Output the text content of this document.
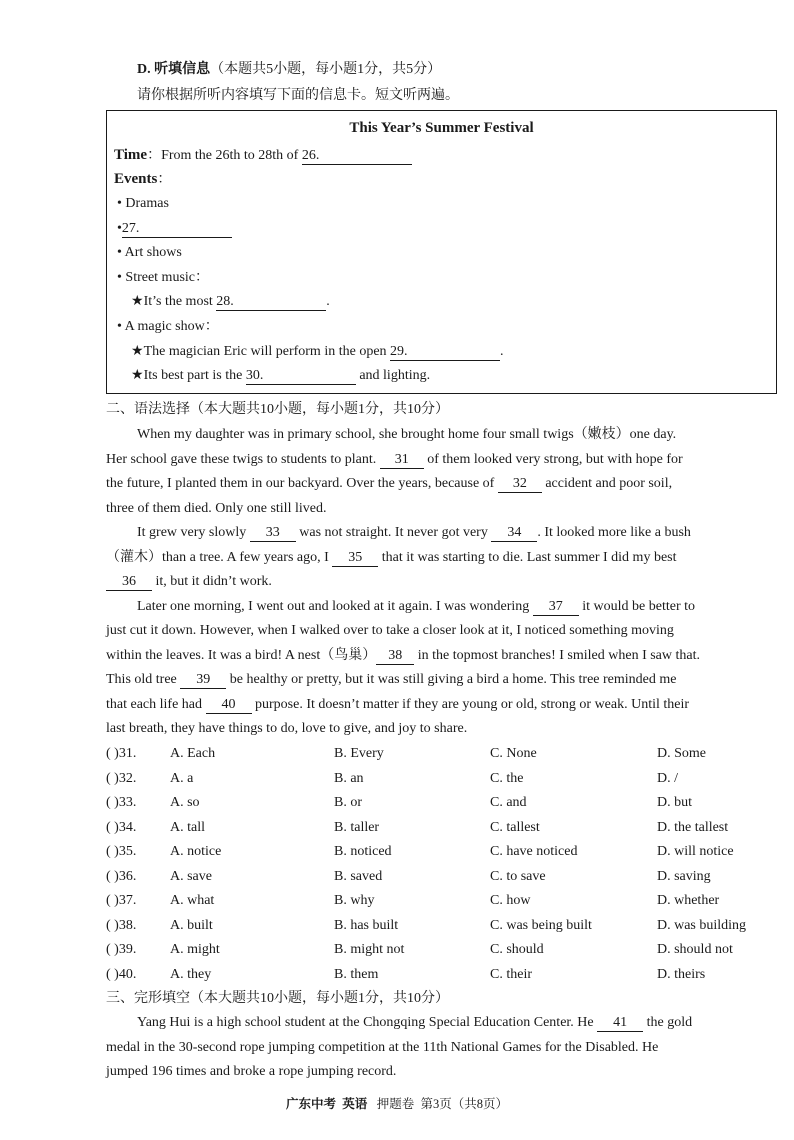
D. 听填信息（本题共5小题，每小题1分，共5分）
请你根据所听内容填写下面的信息卡。短文听两遍。
This Year’s Summer Festival
Time：From the 26th to 28th of 26.
Events：
• Dramas
•27.
• Art shows
• Street music：
★It’s the most 28.	.
• A magic show：
★The magician Eric will perform in the open 29.	.
★Its best part is the 30.	and lighting.
二、语法选择（本大题共10小题，每小题1分，共10分）
When my daughter was in primary school, she brought home four small twigs（嫩枝）one day.
Her school gave these twigs to students to plant. 31 of them looked very strong, but with hope for
the future, I planted them in our backyard. Over the years, because of 32 accident and poor soil,
three of them died. Only one still lived.
It grew very slowly 33 was not straight. It never got very 34 . It looked more like a bush
（灌木）than a tree. A few years ago, I 35 that it was starting to die. Last summer I did my best
36 it, but it didn’t work.
Later one morning, I went out and looked at it again. I was wondering 37 it would be better to
just cut it down. However, when I walked over to take a closer look at it, I noticed something moving
within the leaves. It was a bird! A nest（鸟巢） 38 in the topmost branches! I smiled when I saw that.
This old tree 39 be healthy or pretty, but it was still giving a bird a home. This tree reminded me
that each life had 40 purpose. It doesn’t matter if they are young or old, strong or weak. Until their
last breath, they have things to do, love to give, and joy to share.
( )31. A. Each	B. Every	C. None	D. Some
( )32. A. a	B. an	C. the	D. /
( )33. A. so	B. or	C. and	D. but
( )34. A. tall	B. taller	C. tallest	D. the tallest
( )35. A. notice	B. noticed	C. have noticed	D. will notice
( )36. A. save	B. saved	C. to save	D. saving
( )37. A. what	B. why	C. how	D. whether
( )38. A. built	B. has built	C. was being built	D. was building
( )39. A. might	B. might not	C. should	D. should not
( )40. A. they	B. them	C. their	D. theirs
三、完形填空（本大题共10小题，每小题1分，共10分）
Yang Hui is a high school student at the Chongqing Special Education Center. He 41 the gold
medal in the 30-second rope jumping competition at the 11th National Games for the Disabled. He
jumped 196 times and broke a rope jumping record.
广东中考 英语 押题卷 第3页（共8页）
